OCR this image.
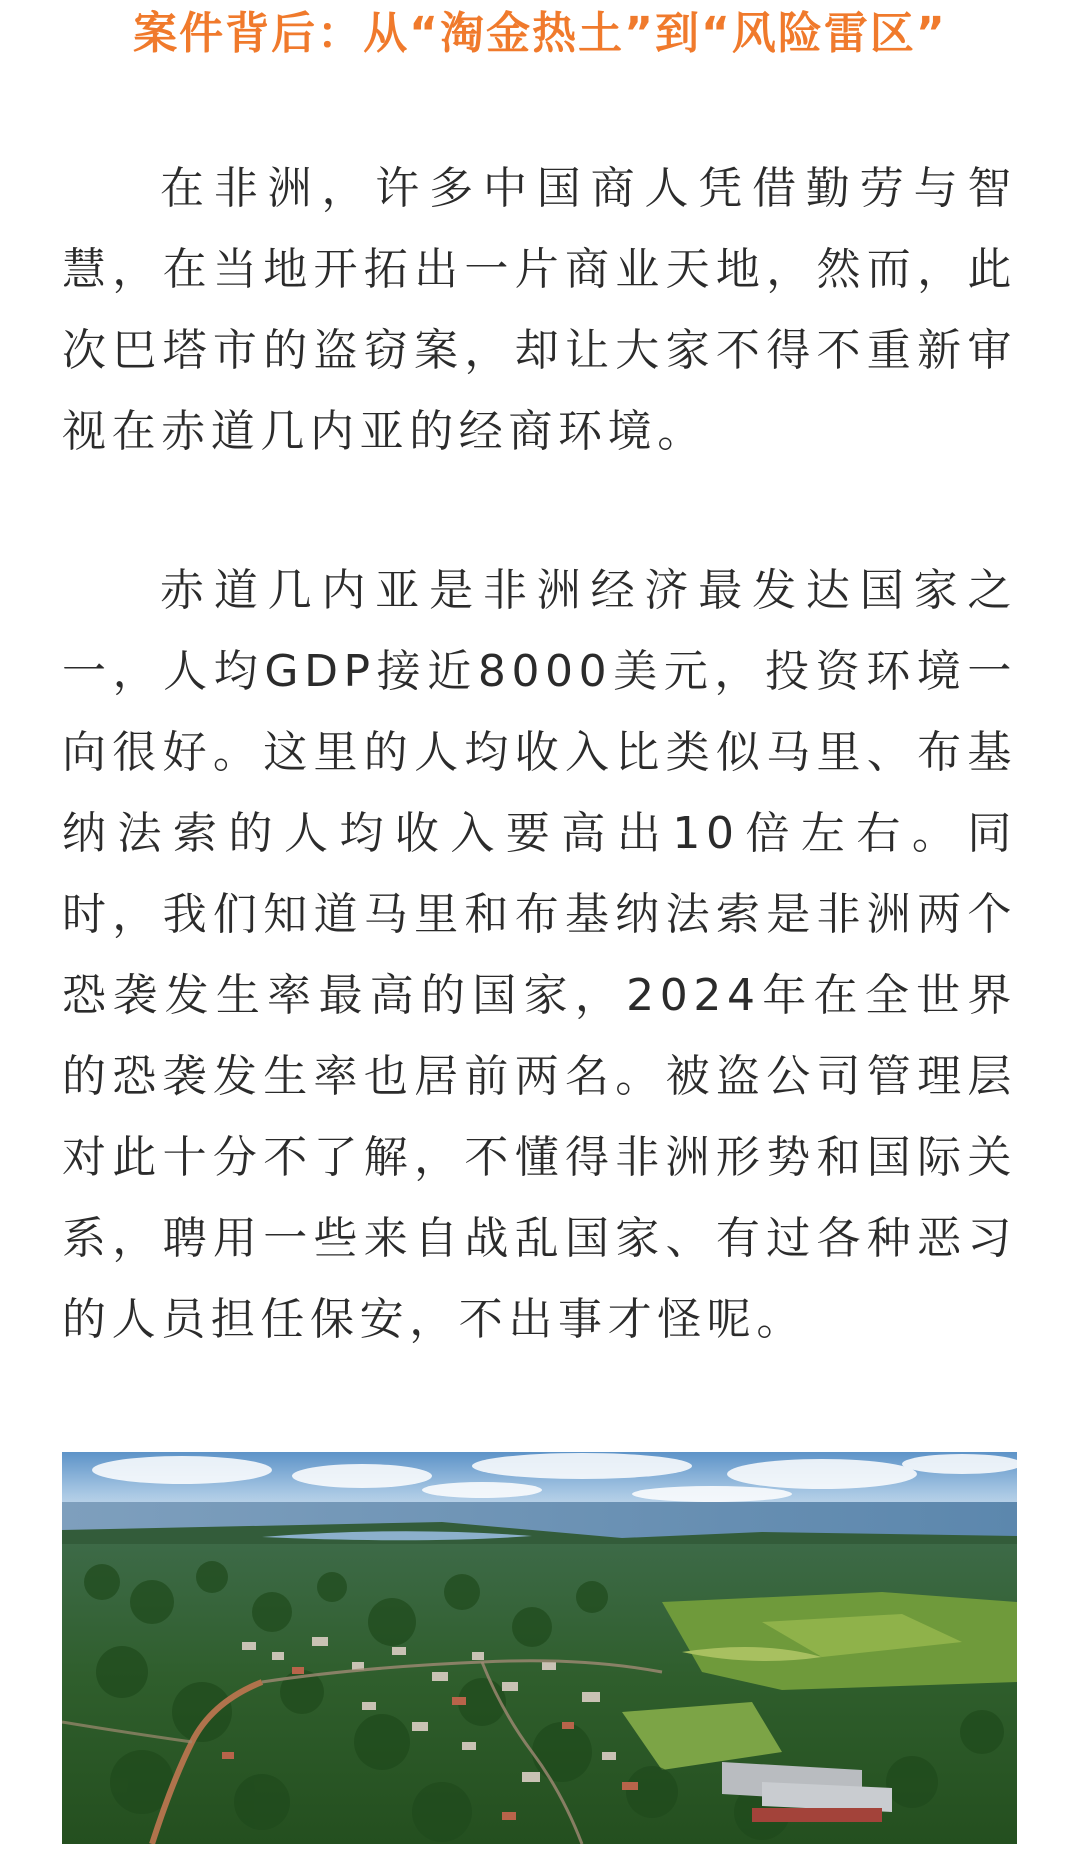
案件背后：从“淘金热土”到“风险雷区”

在非洲，许多中国商人凭借勤劳与智慧，在当地开拓出一片商业天地，然而，此次巴塔市的盗窃案，却让大家不得不重新审视在赤道几内亚的经商环境。

赤道几内亚是非洲经济最发达国家之一，人均GDP接近8000美元，投资环境一向很好。这里的人均收入比类似马里、布基纳法索的人均收入要高出10倍左右。同时，我们知道马里和布基纳法索是非洲两个恐袭发生率最高的国家，2024年在全世界的恐袭发生率也居前两名。被盗公司管理层对此十分不了解，不懂得非洲形势和国际关系，聘用一些来自战乱国家、有过各种恶习的人员担任保安，不出事才怪呢。
